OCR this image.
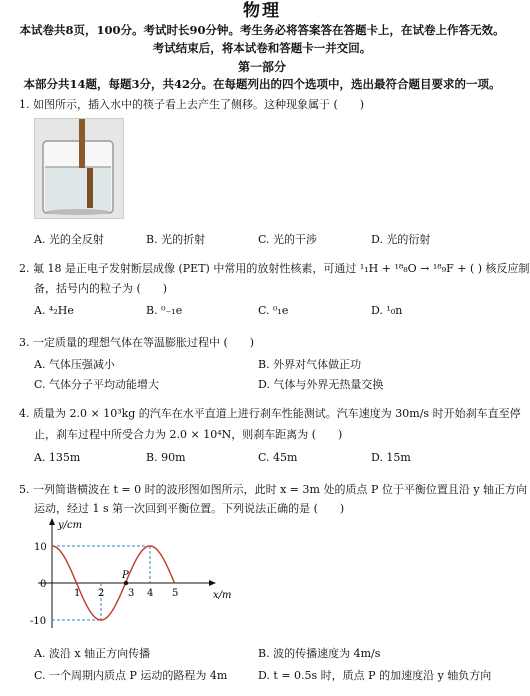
物理
本试卷共8页，100分。考试时长90分钟。考生务必将答案答在答题卡上，在试卷上作答无效。
考试结束后，将本试卷和答题卡一并交回。
第一部分
本部分共14题，每题3分，共42分。在每题列出的四个选项中，选出最符合题目要求的一项。
1. 如图所示，插入水中的筷子看上去产生了侧移。这种现象属于 (　　)
A. 光的全反射	B. 光的折射	C. 光的干涉	D. 光的衍射
2. 氟 18 是正电子发射断层成像 (PET) 中常用的放射性核素，可通过 ¹₁H + ¹⁸₈O → ¹⁸₉F + ( ) 核反应制
备，括号内的粒子为 (　　)
A. ⁴₂He	B. ⁰₋₁e	C. ⁰₁e	D. ¹₀n
3. 一定质量的理想气体在等温膨胀过程中 (　　)
A. 气体压强减小	B. 外界对气体做正功
C. 气体分子平均动能增大	D. 气体与外界无热量交换
4. 质量为 2.0 × 10³kg 的汽车在水平直道上进行刹车性能测试。汽车速度为 30m/s 时开始刹车直至停
止，刹车过程中所受合力为 2.0 × 10⁴N，则刹车距离为 (　　)
A. 135m	B. 90m	C. 45m	D. 15m
5. 一列简谐横波在 t = 0 时的波形图如图所示，此时 x = 3m 处的质点 P 位于平衡位置且沿 y 轴正方向
运动，经过 1 s 第一次回到平衡位置。下列说法正确的是 (　　)
P
y/cm
x/m
10
0
-10
1 2 3 4 5
A. 波沿 x 轴正方向传播	B. 波的传播速度为 4m/s
C. 一个周期内质点 P 运动的路程为 4m	D. t = 0.5s 时，质点 P 的加速度沿 y 轴负方向
